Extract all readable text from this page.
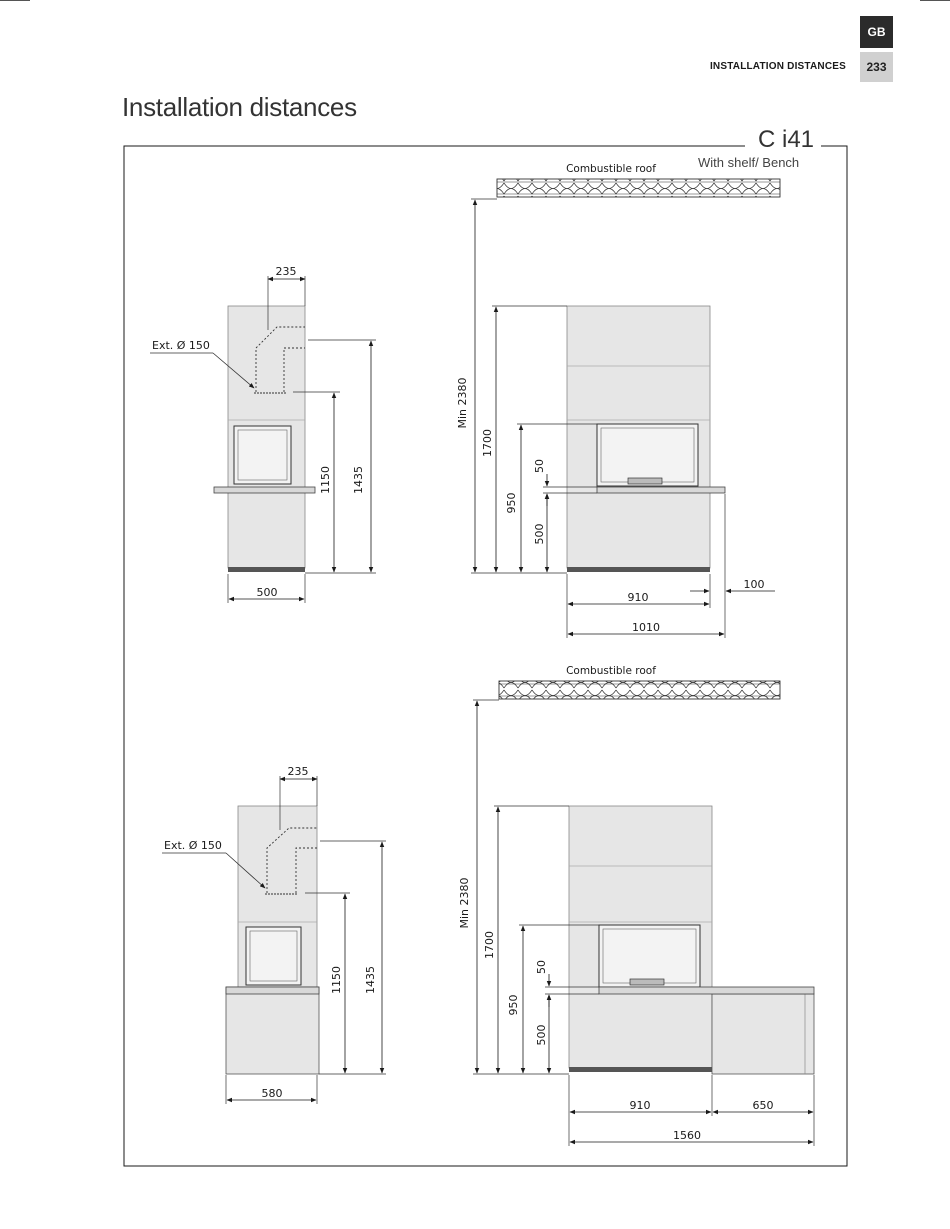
GB
233
INSTALLATION DISTANCES
Installation distances
235
Ext. Ø 150
1150 1435
500
Combustible roof
Min 2380
1700
950
500
50
910
100
1010
235
Ext. Ø 150
1150 1435
580
Combustible roof
Min 2380
1700
950
500
50
910	650
1560
C i41
With shelf/ Bench
